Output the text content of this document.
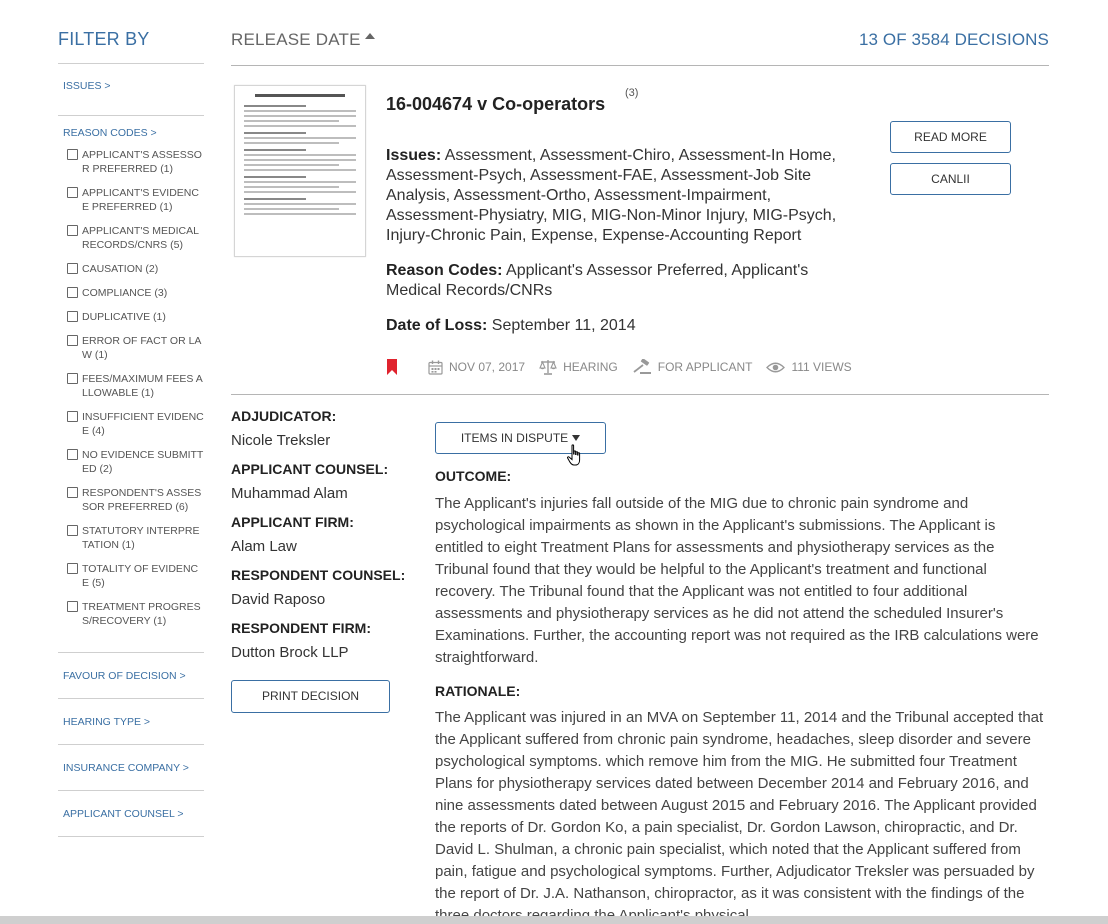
FILTER BY
ISSUES >
REASON CODES >
APPLICANT'S ASSESSOR PREFERRED (1)
APPLICANT'S EVIDENCE PREFERRED (1)
APPLICANT'S MEDICAL RECORDS/CNRS (5)
CAUSATION (2)
COMPLIANCE (3)
DUPLICATIVE (1)
ERROR OF FACT OR LAW (1)
FEES/MAXIMUM FEES ALLOWABLE (1)
INSUFFICIENT EVIDENCE (4)
NO EVIDENCE SUBMITTED (2)
RESPONDENT'S ASSESSOR PREFERRED (6)
STATUTORY INTERPRETATION (1)
TOTALITY OF EVIDENCE (5)
TREATMENT PROGRESS/RECOVERY (1)
FAVOUR OF DECISION >
HEARING TYPE >
INSURANCE COMPANY >
APPLICANT COUNSEL >
RELEASE DATE	13 OF 3584 DECISIONS
16-004674 v Co-operators
(3)
Issues: Assessment, Assessment-Chiro, Assessment-In Home, Assessment-Psych, Assessment-FAE, Assessment-Job Site Analysis, Assessment-Ortho, Assessment-Impairment, Assessment-Physiatry, MIG, MIG-Non-Minor Injury, MIG-Psych, Injury-Chronic Pain, Expense, Expense-Accounting Report
Reason Codes: Applicant's Assessor Preferred, Applicant's Medical Records/CNRs
Date of Loss: September 11, 2014
READ MORE
CANLII
NOV 07, 2017	HEARING	FOR APPLICANT	111 VIEWS
ADJUDICATOR:
Nicole Treksler
APPLICANT COUNSEL:
Muhammad Alam
APPLICANT FIRM:
Alam Law
RESPONDENT COUNSEL:
David Raposo
RESPONDENT FIRM:
Dutton Brock LLP
PRINT DECISION
ITEMS IN DISPUTE
OUTCOME:
The Applicant's injuries fall outside of the MIG due to chronic pain syndrome and psychological impairments as shown in the Applicant's submissions. The Applicant is entitled to eight Treatment Plans for assessments and physiotherapy services as the Tribunal found that they would be helpful to the Applicant's treatment and functional recovery. The Tribunal found that the Applicant was not entitled to four additional assessments and physiotherapy services as he did not attend the scheduled Insurer's Examinations. Further, the accounting report was not required as the IRB calculations were straightforward.
RATIONALE:
The Applicant was injured in an MVA on September 11, 2014 and the Tribunal accepted that the Applicant suffered from chronic pain syndrome, headaches, sleep disorder and severe psychological symptoms. which remove him from the MIG. He submitted four Treatment Plans for physiotherapy services dated between December 2014 and February 2016, and nine assessments dated between August 2015 and February 2016. The Applicant provided the reports of Dr. Gordon Ko, a pain specialist, Dr. Gordon Lawson, chiropractic, and Dr. David L. Shulman, a chronic pain specialist, which noted that the Applicant suffered from pain, fatigue and psychological symptoms. Further, Adjudicator Treksler was persuaded by the report of Dr. J.A. Nathanson, chiropractor, as it was consistent with the findings of the
